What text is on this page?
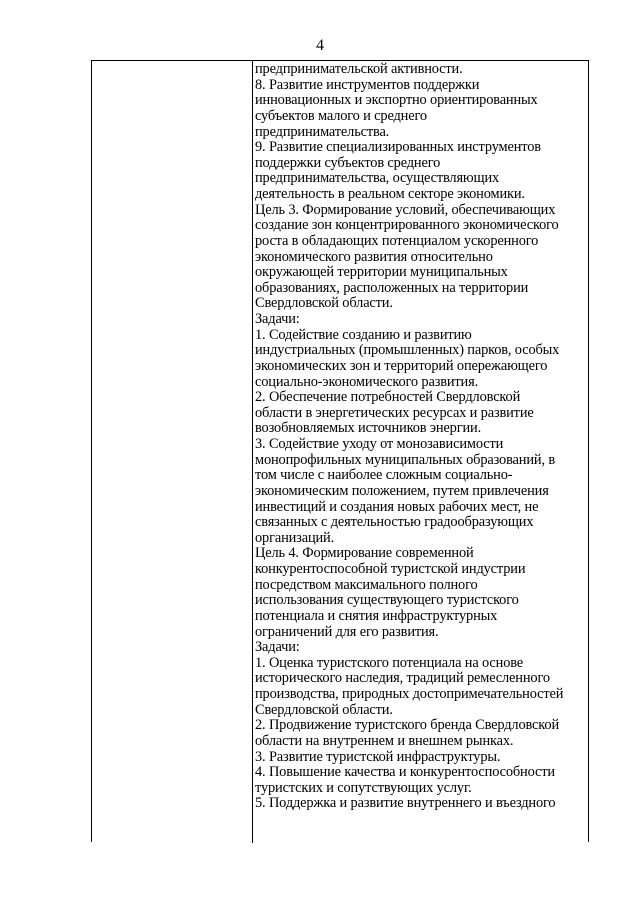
4
предпринимательской активности.
8. Развитие инструментов поддержки
инновационных и экспортно ориентированных
субъектов малого и среднего
предпринимательства.
9. Развитие специализированных инструментов
поддержки субъектов среднего
предпринимательства, осуществляющих
деятельность в реальном секторе экономики.
Цель 3. Формирование условий, обеспечивающих
создание зон концентрированного экономического
роста в обладающих потенциалом ускоренного
экономического развития относительно
окружающей территории муниципальных
образованиях, расположенных на территории
Свердловской области.
Задачи:
1. Содействие созданию и развитию
индустриальных (промышленных) парков, особых
экономических зон и территорий опережающего
социально-экономического развития.
2. Обеспечение потребностей Свердловской
области в энергетических ресурсах и развитие
возобновляемых источников энергии.
3. Содействие уходу от монозависимости
монопрофильных муниципальных образований, в
том числе с наиболее сложным социально-
экономическим положением, путем привлечения
инвестиций и создания новых рабочих мест, не
связанных с деятельностью градообразующих
организаций.
Цель 4. Формирование современной
конкурентоспособной туристской индустрии
посредством максимального полного
использования существующего туристского
потенциала и снятия инфраструктурных
ограничений для его развития.
Задачи:
1. Оценка туристского потенциала на основе
исторического наследия, традиций ремесленного
производства, природных достопримечательностей
Свердловской области.
2. Продвижение туристского бренда Свердловской
области на внутреннем и внешнем рынках.
3. Развитие туристской инфраструктуры.
4. Повышение качества и конкурентоспособности
туристских и сопутствующих услуг.
5. Поддержка и развитие внутреннего и въездного
